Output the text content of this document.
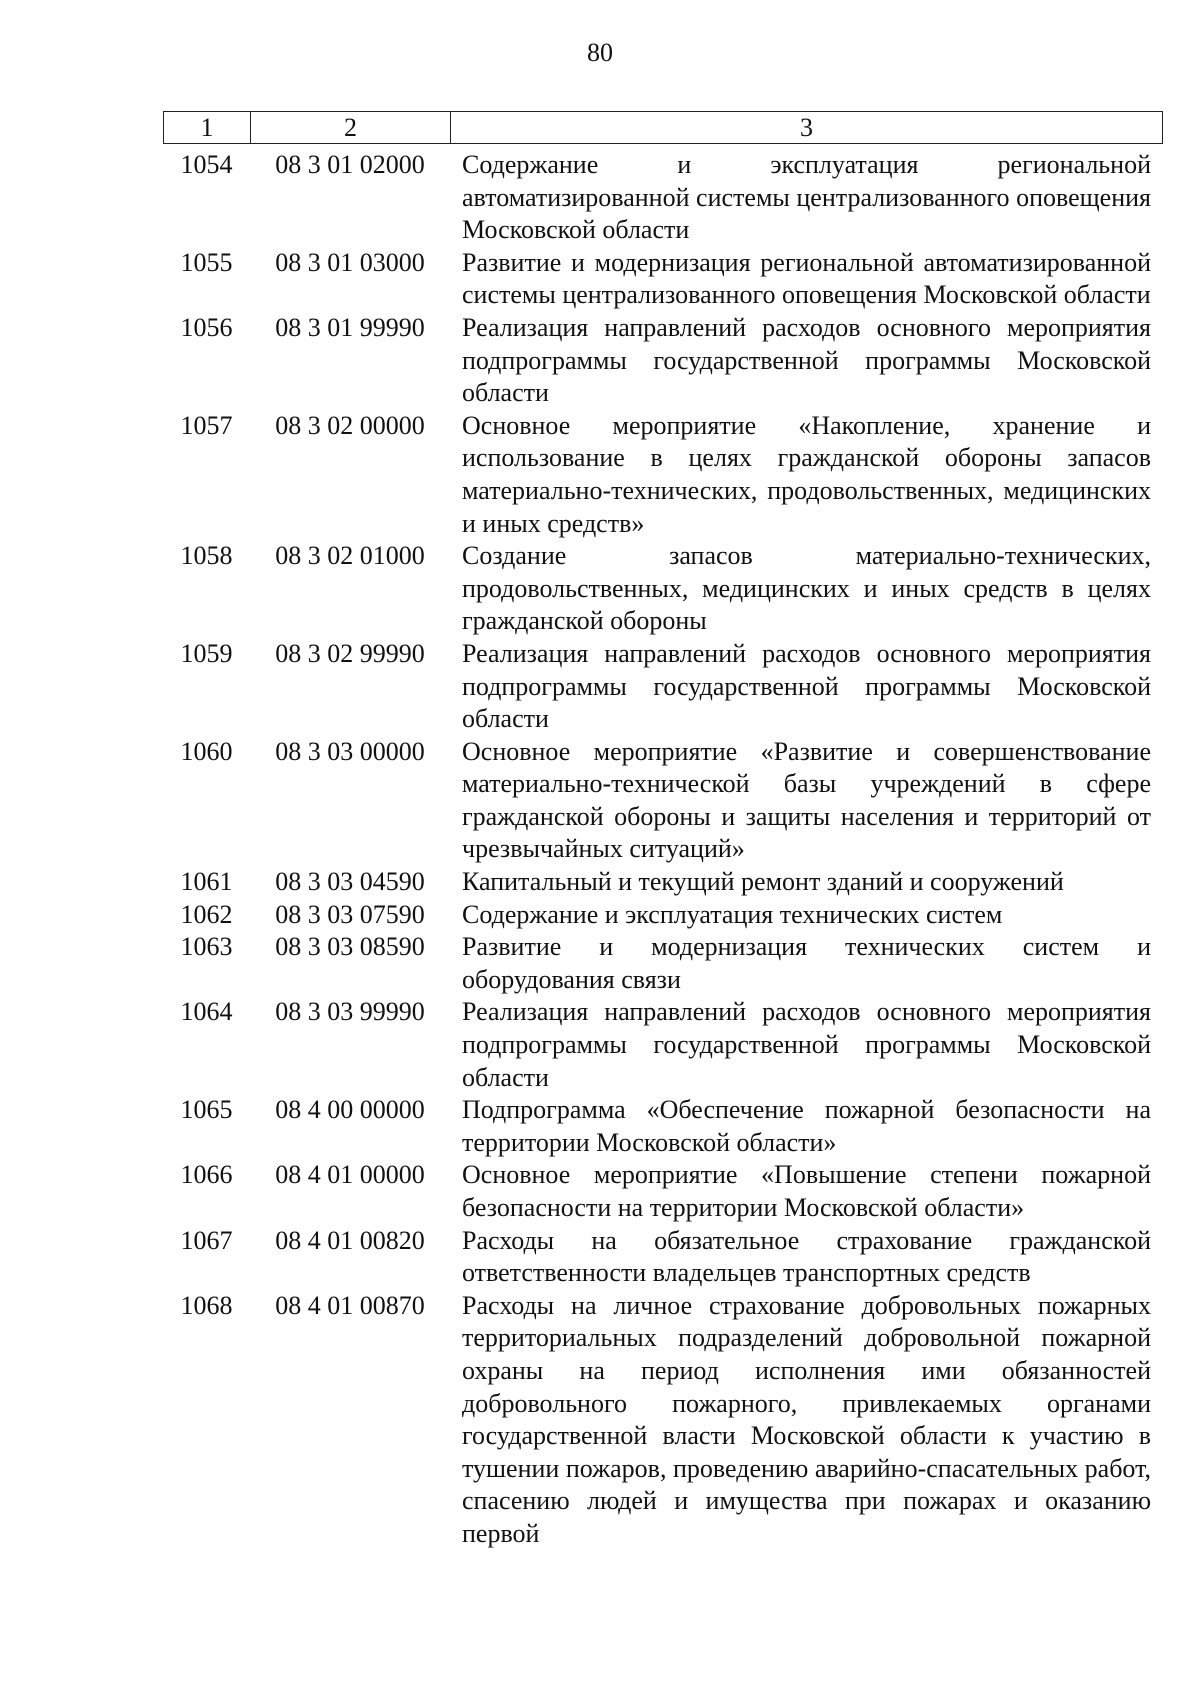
80
1	2	3
1054	08 3 01 02000	Содержание и эксплуатация региональной автоматизированной системы централизованного оповещения Московской области
1055	08 3 01 03000	Развитие и модернизация региональной автоматизированной системы централизованного оповещения Московской области
1056	08 3 01 99990	Реализация направлений расходов основного мероприятия подпрограммы государственной программы Московской области
1057	08 3 02 00000	Основное мероприятие «Накопление, хранение и использование в целях гражданской обороны запасов материально-технических, продовольственных, медицинских и иных средств»
1058	08 3 02 01000	Создание запасов материально-технических, продовольственных, медицинских и иных средств в целях гражданской обороны
1059	08 3 02 99990	Реализация направлений расходов основного мероприятия подпрограммы государственной программы Московской области
1060	08 3 03 00000	Основное мероприятие «Развитие и совершенствование материально-технической базы учреждений в сфере гражданской обороны и защиты населения и территорий от чрезвычайных ситуаций»
1061	08 3 03 04590	Капитальный и текущий ремонт зданий и сооружений
1062	08 3 03 07590	Содержание и эксплуатация технических систем
1063	08 3 03 08590	Развитие и модернизация технических систем и оборудования связи
1064	08 3 03 99990	Реализация направлений расходов основного мероприятия подпрограммы государственной программы Московской области
1065	08 4 00 00000	Подпрограмма «Обеспечение пожарной безопасности на территории Московской области»
1066	08 4 01 00000	Основное мероприятие «Повышение степени пожарной безопасности на территории Московской области»
1067	08 4 01 00820	Расходы на обязательное страхование гражданской ответственности владельцев транспортных средств
1068	08 4 01 00870	Расходы на личное страхование добровольных пожарных территориальных подразделений добровольной пожарной охраны на период исполнения ими обязанностей добровольного пожарного, привлекаемых органами государственной власти Московской области к участию в тушении пожаров, проведению аварийно-спасательных работ, спасению людей и имущества при пожарах и оказанию первой
